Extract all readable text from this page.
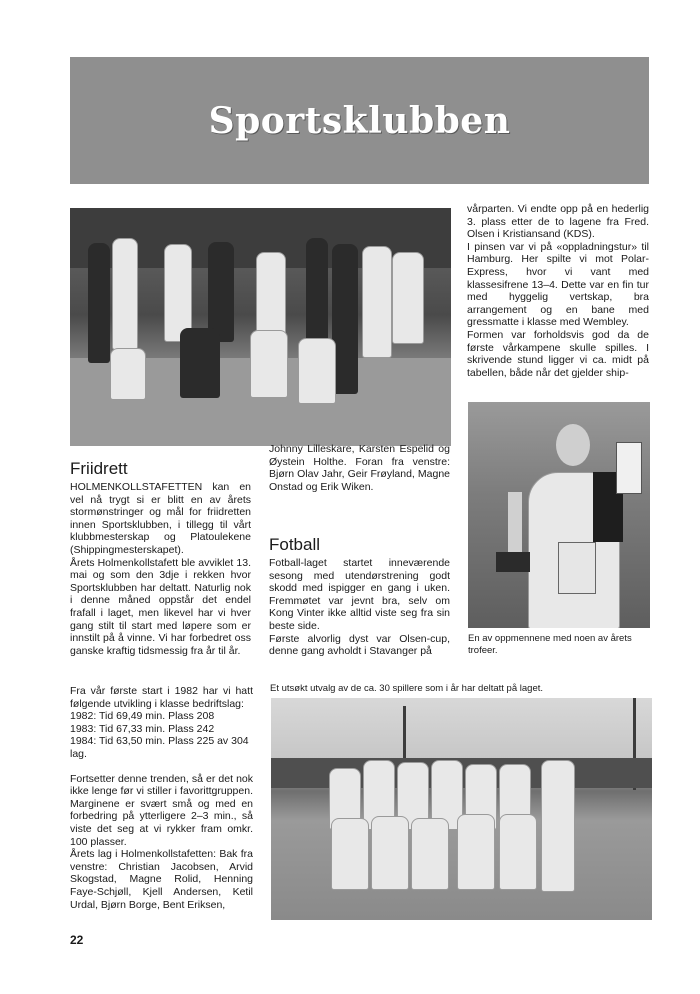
Sportsklubben
Friidrett

HOLMENKOLLSTAFETTEN kan en vel nå trygt si er blitt en av årets stormønstringer og mål for friidretten innen Sportsklubben, i tillegg til vårt klubbmesterskap og Platoulekene (Shippingmesterskapet).

Årets Holmenkollstafett ble avviklet 13. mai og som den 3dje i rekken hvor Sportsklubben har deltatt. Naturlig nok i denne måned oppstår det endel frafall i laget, men likevel har vi hver gang stilt til start med løpere som er innstilt på å vinne. Vi har forbedret oss ganske kraftig tidsmessig fra år til år.

Fra vår første start i 1982 har vi hatt følgende utvikling i klasse bedriftslag:

1982: Tid 69,49 min. Plass 208

1983: Tid 67,33 min. Plass 242

1984: Tid 63,50 min. Plass 225 av 304 lag.

Fortsetter denne trenden, så er det nok ikke lenge før vi stiller i favorittgruppen. Marginene er svært små og med en forbedring på ytterligere 2–3 min., så viste det seg at vi rykker fram omkr. 100 plasser.

Årets lag i Holmenkollstafetten: Bak fra venstre: Christian Jacobsen, Arvid Skogstad, Magne Rolid, Henning Faye-Schjøll, Kjell Andersen, Ketil Urdal, Bjørn Borge, Bent Eriksen,

Johnny Lilleskare, Karsten Espelid og Øystein Holthe. Foran fra venstre: Bjørn Olav Jahr, Geir Frøyland, Magne Onstad og Erik Wiken.

Fotball

Fotball-laget startet inneværende sesong med utendørstrening godt skodd med ispigger en gang i uken. Fremmøtet var jevnt bra, selv om Kong Vinter ikke alltid viste seg fra sin beste side.

Første alvorlig dyst var Olsen-cup, denne gang avholdt i Stavanger på

vårparten. Vi endte opp på en hederlig 3. plass etter de to lagene fra Fred. Olsen i Kristiansand (KDS).

I pinsen var vi på «oppladningstur» til Hamburg. Her spilte vi mot Polar-Express, hvor vi vant med klassesifrene 13–4. Dette var en fin tur med hyggelig vertskap, bra arrangement og en bane med gressmatte i klasse med Wembley.

Formen var forholdsvis god da de første vårkampene skulle spilles. I skrivende stund ligger vi ca. midt på tabellen, både når det gjelder ship-

En av oppmennene med noen av årets trofeer.
Et utsøkt utvalg av de ca. 30 spillere som i år har deltatt på laget.
22
